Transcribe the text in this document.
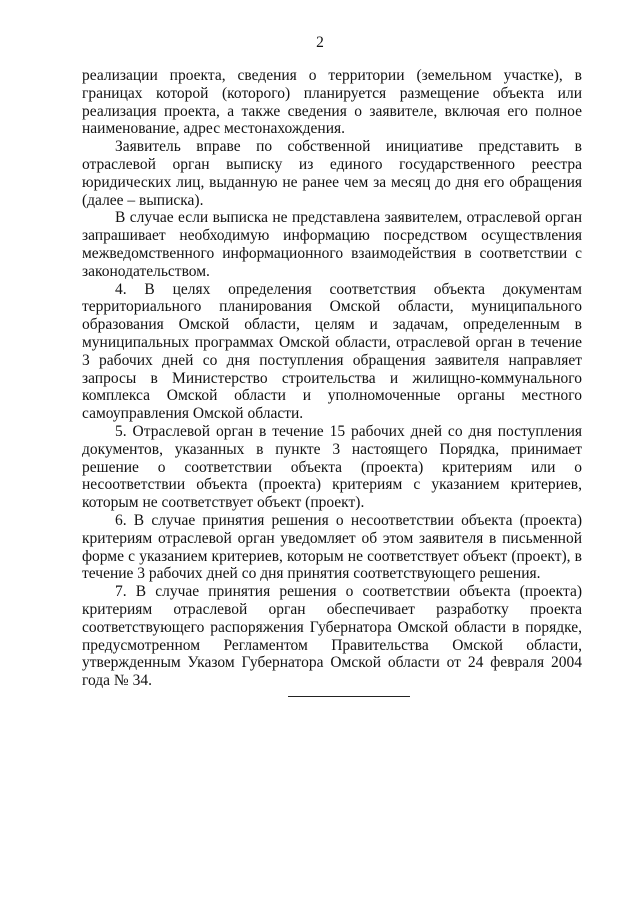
2

реализации проекта, сведения о территории (земельном участке), в границах которой (которого) планируется размещение объекта или реализация проекта, а также сведения о заявителе, включая его полное наименование, адрес местонахождения.

Заявитель вправе по собственной инициативе представить в отраслевой орган выписку из единого государственного реестра юридических лиц, выданную не ранее чем за месяц до дня его обращения (далее – выписка).

В случае если выписка не представлена заявителем, отраслевой орган запрашивает необходимую информацию посредством осуществления межведомственного информационного взаимодействия в соответствии с законодательством.

4. В целях определения соответствия объекта документам территориального планирования Омской области, муниципального образования Омской области, целям и задачам, определенным в муниципальных программах Омской области, отраслевой орган в течение 3 рабочих дней со дня поступления обращения заявителя направляет запросы в Министерство строительства и жилищно-коммунального комплекса Омской области и уполномоченные органы местного самоуправления Омской области.

5. Отраслевой орган в течение 15 рабочих дней со дня поступления документов, указанных в пункте 3 настоящего Порядка, принимает решение о соответствии объекта (проекта) критериям или о несоответствии объекта (проекта) критериям с указанием критериев, которым не соответствует объект (проект).

6. В случае принятия решения о несоответствии объекта (проекта) критериям отраслевой орган уведомляет об этом заявителя в письменной форме с указанием критериев, которым не соответствует объект (проект), в течение 3 рабочих дней со дня принятия соответствующего решения.

7. В случае принятия решения о соответствии объекта (проекта) критериям отраслевой орган обеспечивает разработку проекта соответствующего распоряжения Губернатора Омской области в порядке, предусмотренном Регламентом Правительства Омской области, утвержденным Указом Губернатора Омской области от 24 февраля 2004 года № 34.
